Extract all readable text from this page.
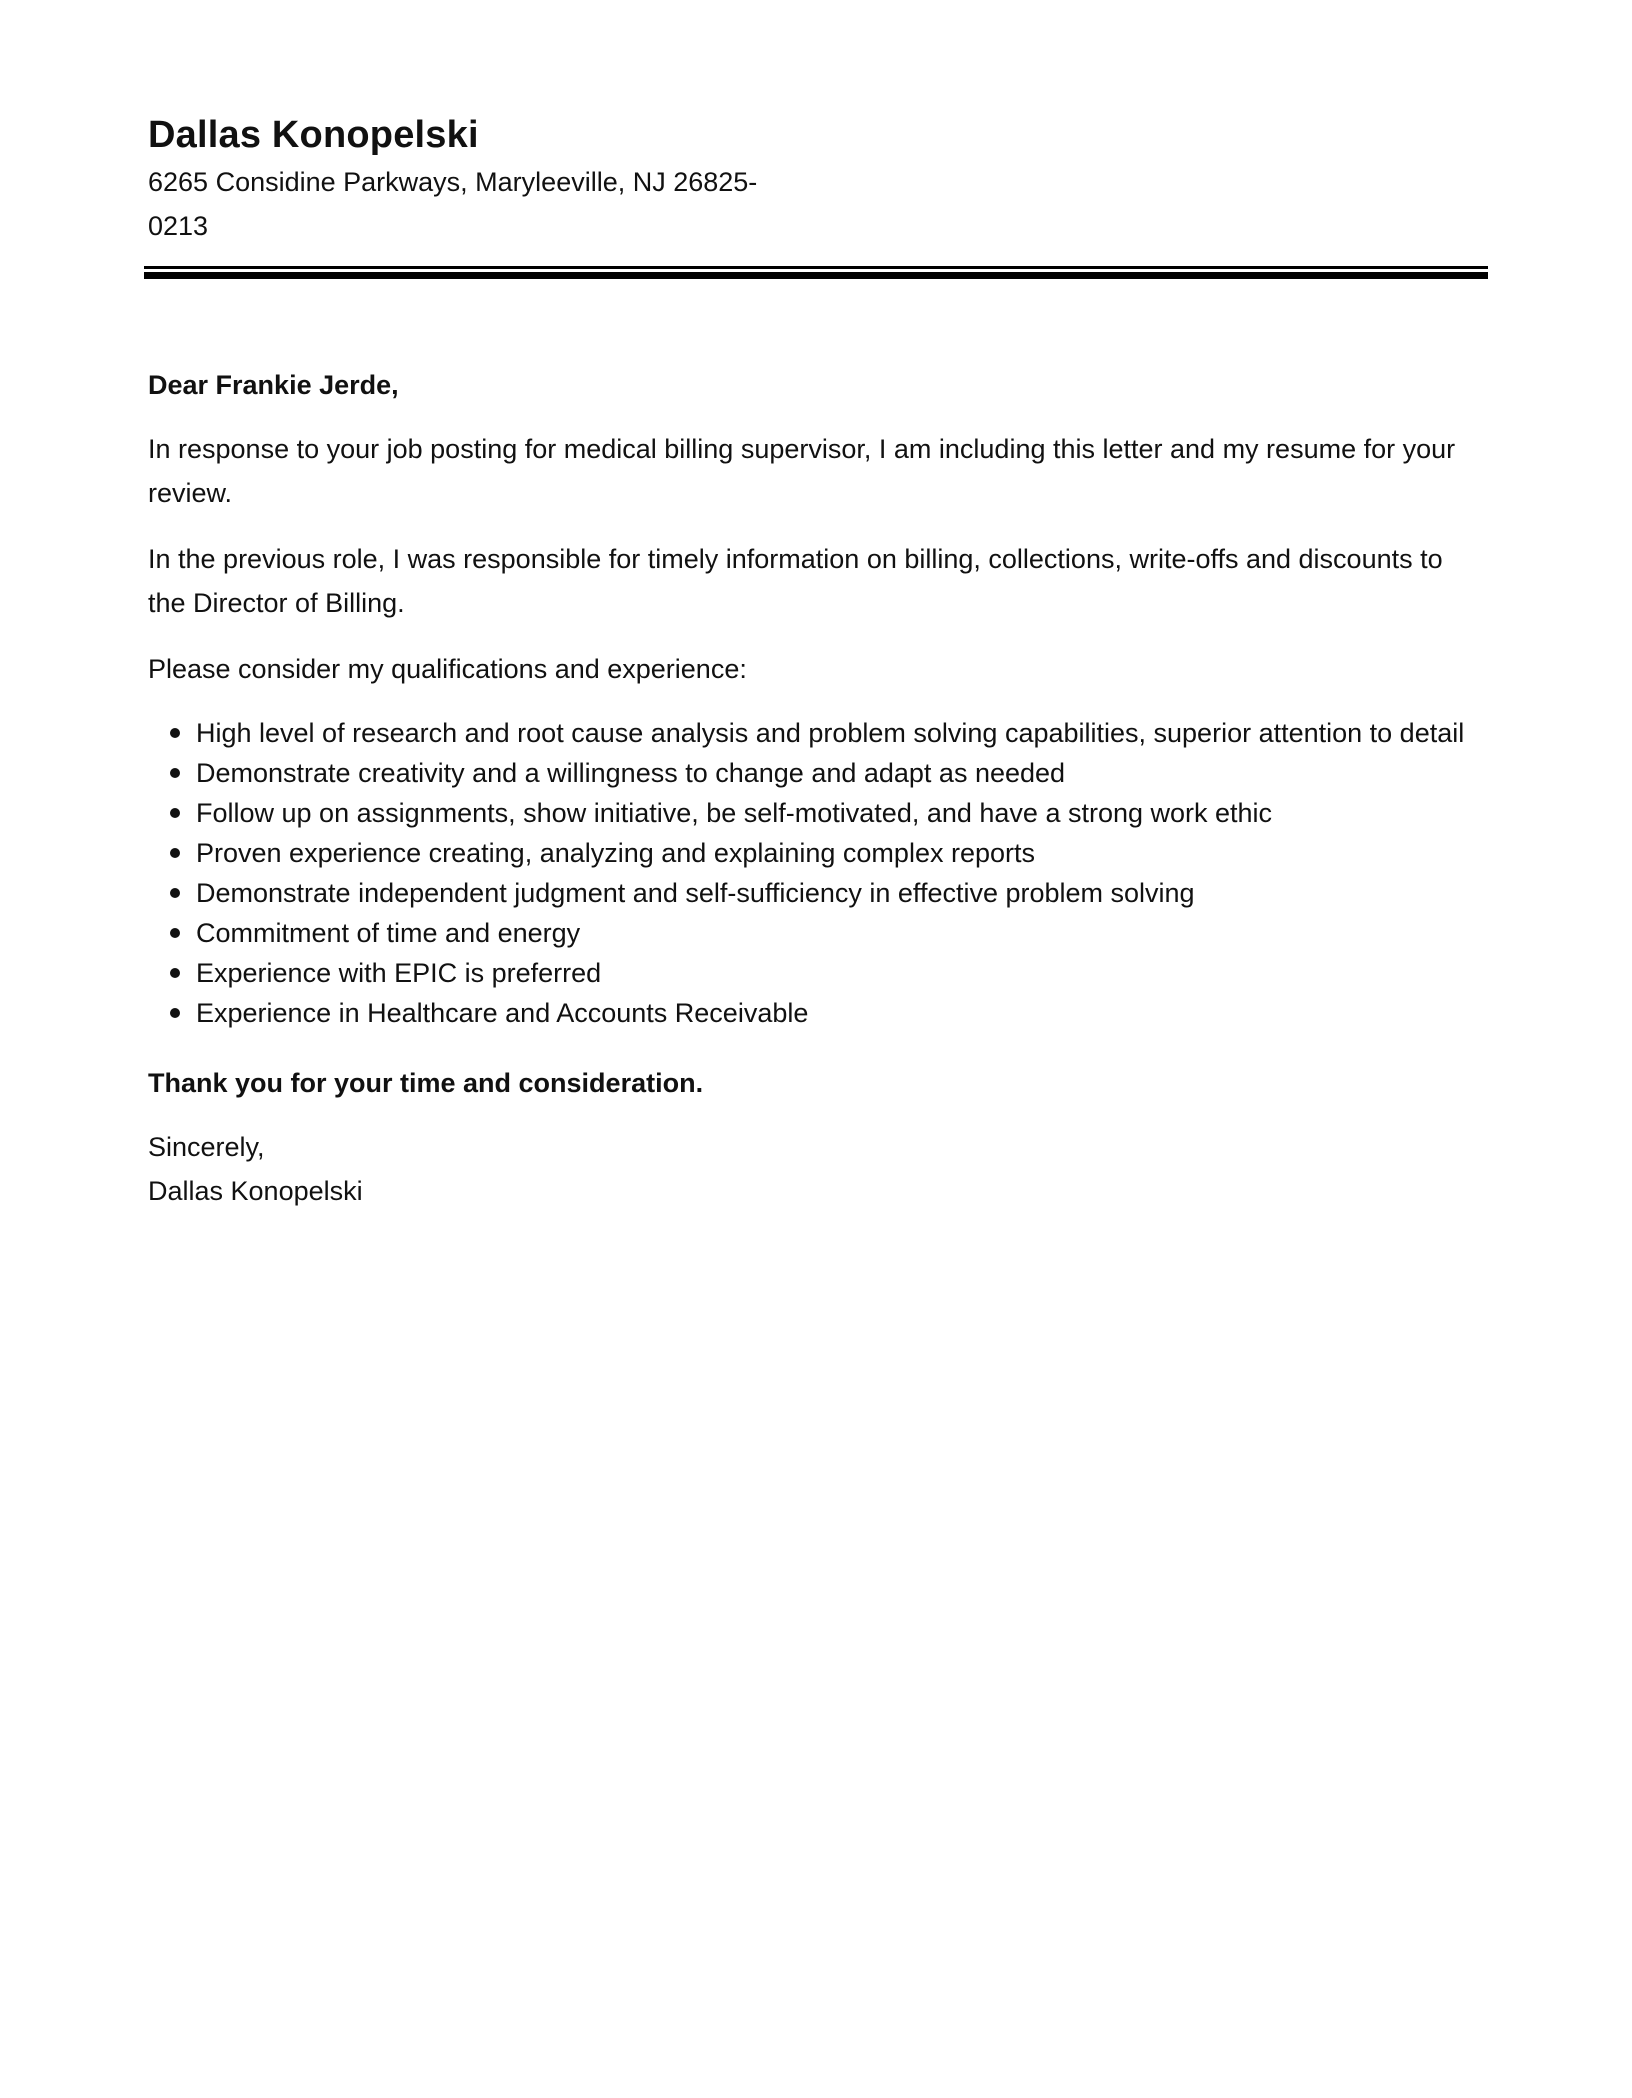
Dallas Konopelski
6265 Considine Parkways, Maryleeville, NJ 26825-0213

Dear Frankie Jerde,

In response to your job posting for medical billing supervisor, I am including this letter and my resume for your review.

In the previous role, I was responsible for timely information on billing, collections, write-offs and discounts to the Director of Billing.

Please consider my qualifications and experience:

High level of research and root cause analysis and problem solving capabilities, superior attention to detail
Demonstrate creativity and a willingness to change and adapt as needed
Follow up on assignments, show initiative, be self-motivated, and have a strong work ethic
Proven experience creating, analyzing and explaining complex reports
Demonstrate independent judgment and self-sufficiency in effective problem solving
Commitment of time and energy
Experience with EPIC is preferred
Experience in Healthcare and Accounts Receivable

Thank you for your time and consideration.

Sincerely,

Dallas Konopelski
